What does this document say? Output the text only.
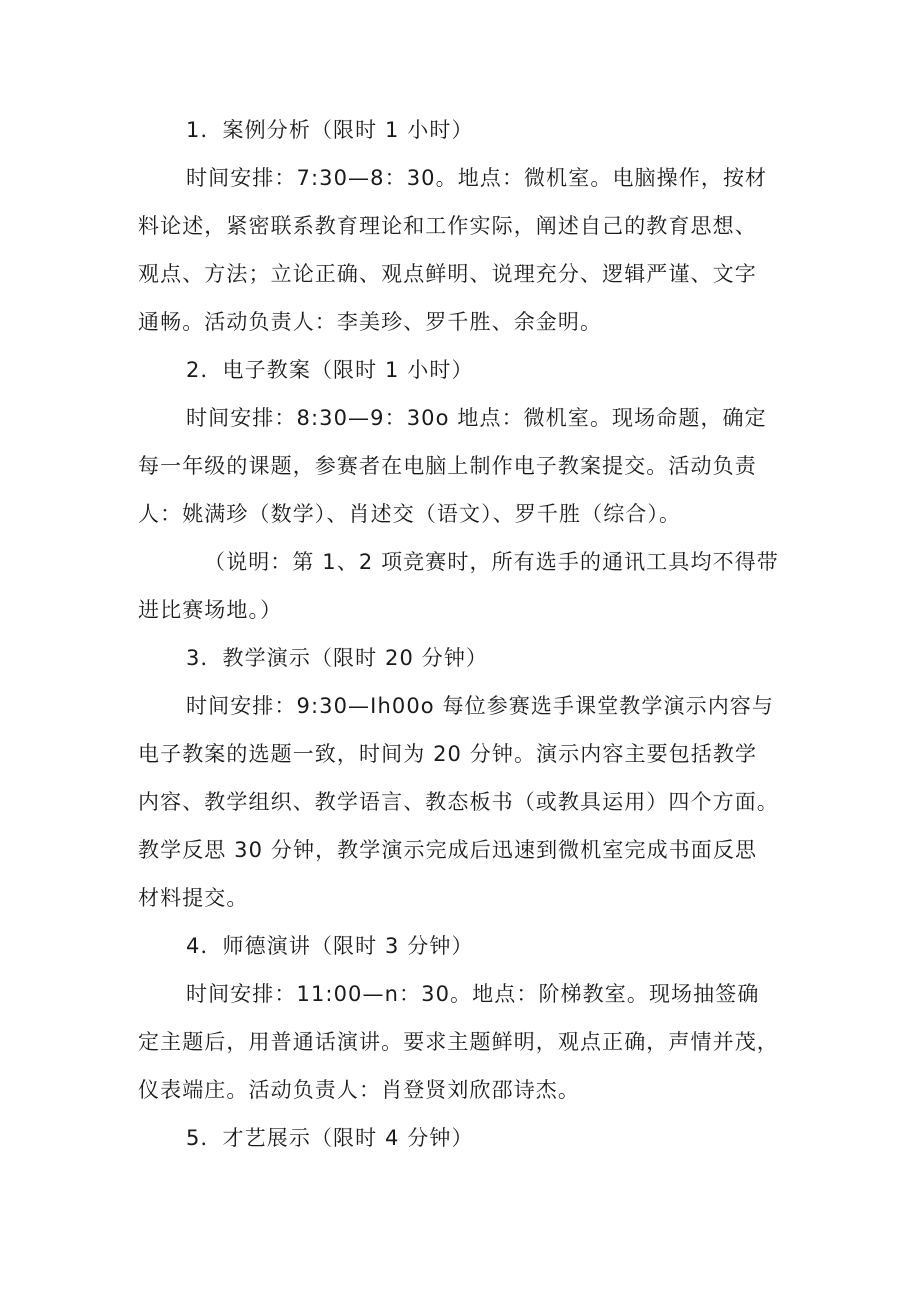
1．案例分析（限时 1 小时）
时间安排：7:30—8：30。地点：微机室。电脑操作，按材
料论述，紧密联系教育理论和工作实际，阐述自己的教育思想、
观点、方法；立论正确、观点鲜明、说理充分、逻辑严谨、文字
通畅。活动负责人：李美珍、罗千胜、余金明。
2．电子教案（限时 1 小时）
时间安排：8:30—9：30o 地点：微机室。现场命题，确定
每一年级的课题，参赛者在电脑上制作电子教案提交。活动负责
人：姚满珍（数学）、肖述交（语文）、罗千胜（综合）。
（说明：第 1、2 项竞赛时，所有选手的通讯工具均不得带
进比赛场地。）
3．教学演示（限时 20 分钟）
时间安排：9:30—Ih00o 每位参赛选手课堂教学演示内容与
电子教案的选题一致，时间为 20 分钟。演示内容主要包括教学
内容、教学组织、教学语言、教态板书（或教具运用）四个方面。
教学反思 30 分钟，教学演示完成后迅速到微机室完成书面反思
材料提交。
4．师德演讲（限时 3 分钟）
时间安排：11:00—n：30。地点：阶梯教室。现场抽签确
定主题后，用普通话演讲。要求主题鲜明，观点正确，声情并茂，
仪表端庄。活动负责人：肖登贤刘欣邵诗杰。
5．才艺展示（限时 4 分钟）
